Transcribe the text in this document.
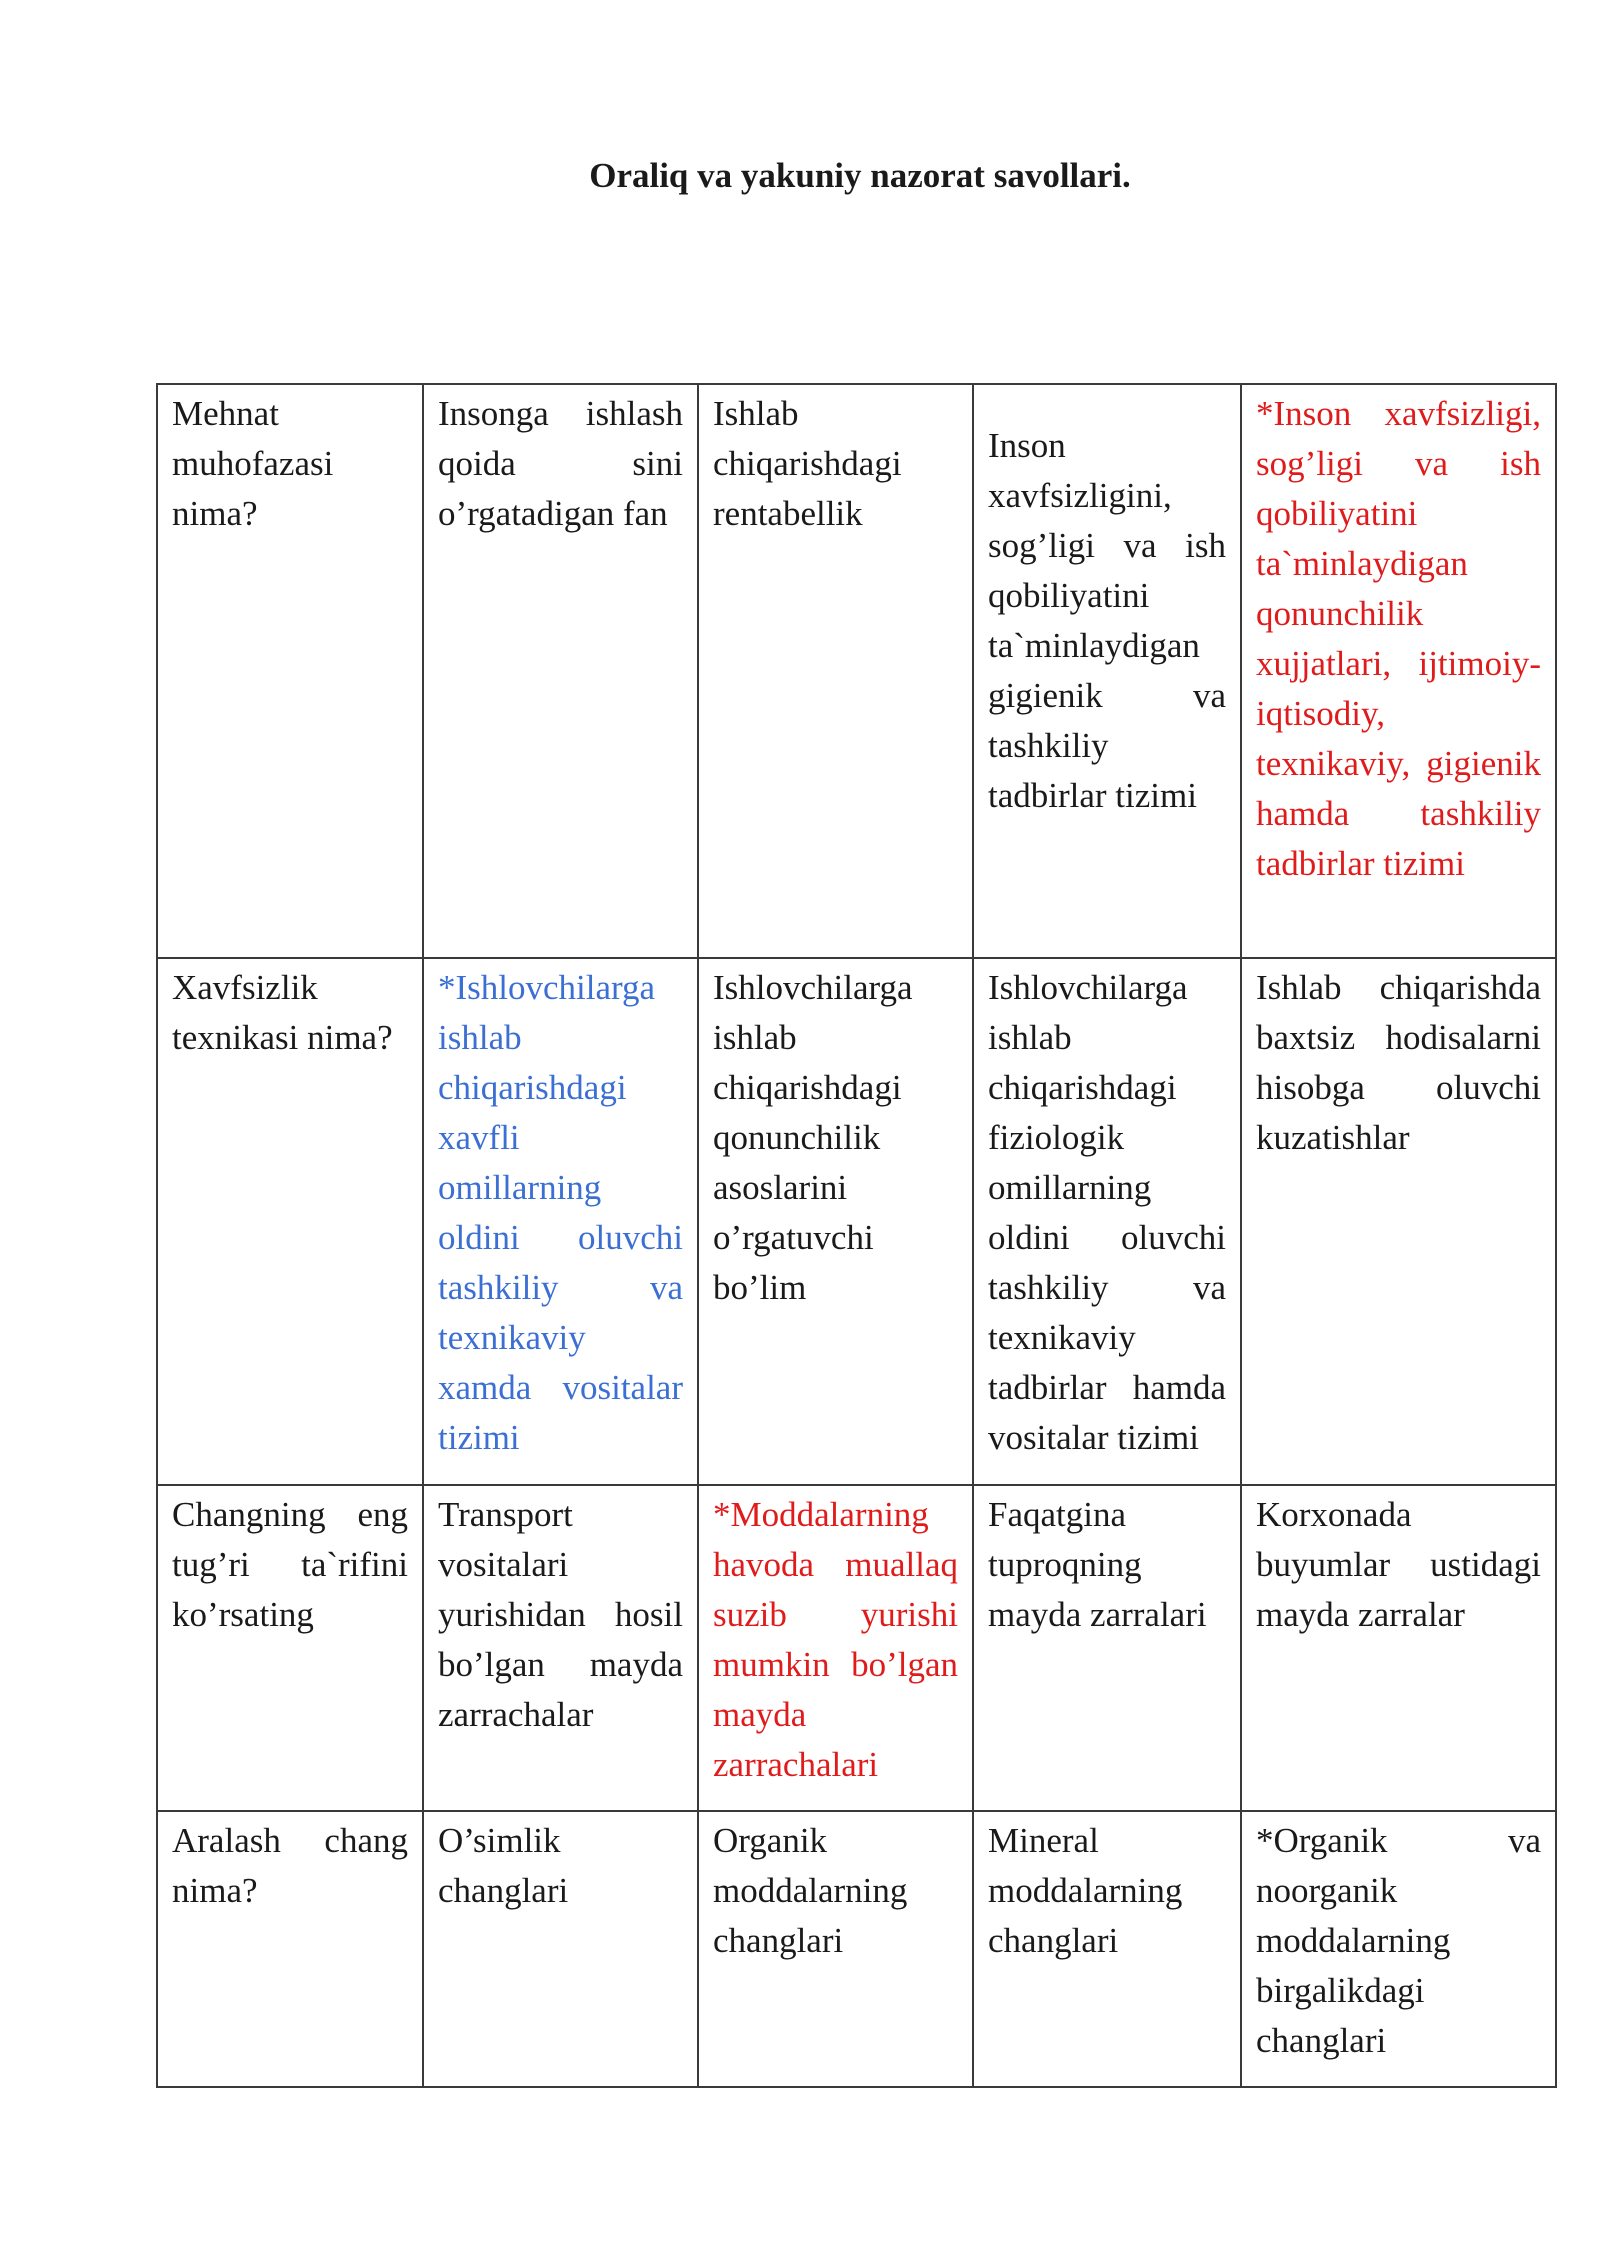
Oraliq va yakuniy nazorat savollari.
Mehnat muhofazasi nima?	Insonga ishlash qoida sini o’rgatadigan fan	Ishlab chiqarishdagi rentabellik	Inson xavfsizligini, sog’ligi va ish qobiliyatini ta`minlaydigan gigienik va tashkiliy tadbirlar tizimi	*Inson xavfsizligi, sog’ligi va ish qobiliyatini ta`minlaydigan qonunchilik xujjatlari, ijtimoiy-iqtisodiy, texnikaviy, gigienik hamda tashkiliy tadbirlar tizimi
Xavfsizlik texnikasi nima?	*Ishlovchilarga ishlab chiqarishdagi xavfli omillarning oldini oluvchi tashkiliy va texnikaviy xamda vositalar tizimi	Ishlovchilarga ishlab chiqarishdagi qonunchilik asoslarini o’rgatuvchi bo’lim	Ishlovchilarga ishlab chiqarishdagi fiziologik omillarning oldini oluvchi tashkiliy va texnikaviy tadbirlar hamda vositalar tizimi	Ishlab chiqarishda baxtsiz hodisalarni hisobga oluvchi kuzatishlar
Changning eng tug’ri ta`rifini ko’rsating	Transport vositalari yurishidan hosil bo’lgan mayda zarrachalar	*Moddalarning havoda muallaq suzib yurishi mumkin bo’lgan mayda zarrachalari	Faqatgina tuproqning mayda zarralari	Korxonada buyumlar ustidagi mayda zarralar
Aralash chang nima?	O’simlik changlari	Organik moddalarning changlari	Mineral moddalarning changlari	*Organik va noorganik moddalarning birgalikdagi changlari
